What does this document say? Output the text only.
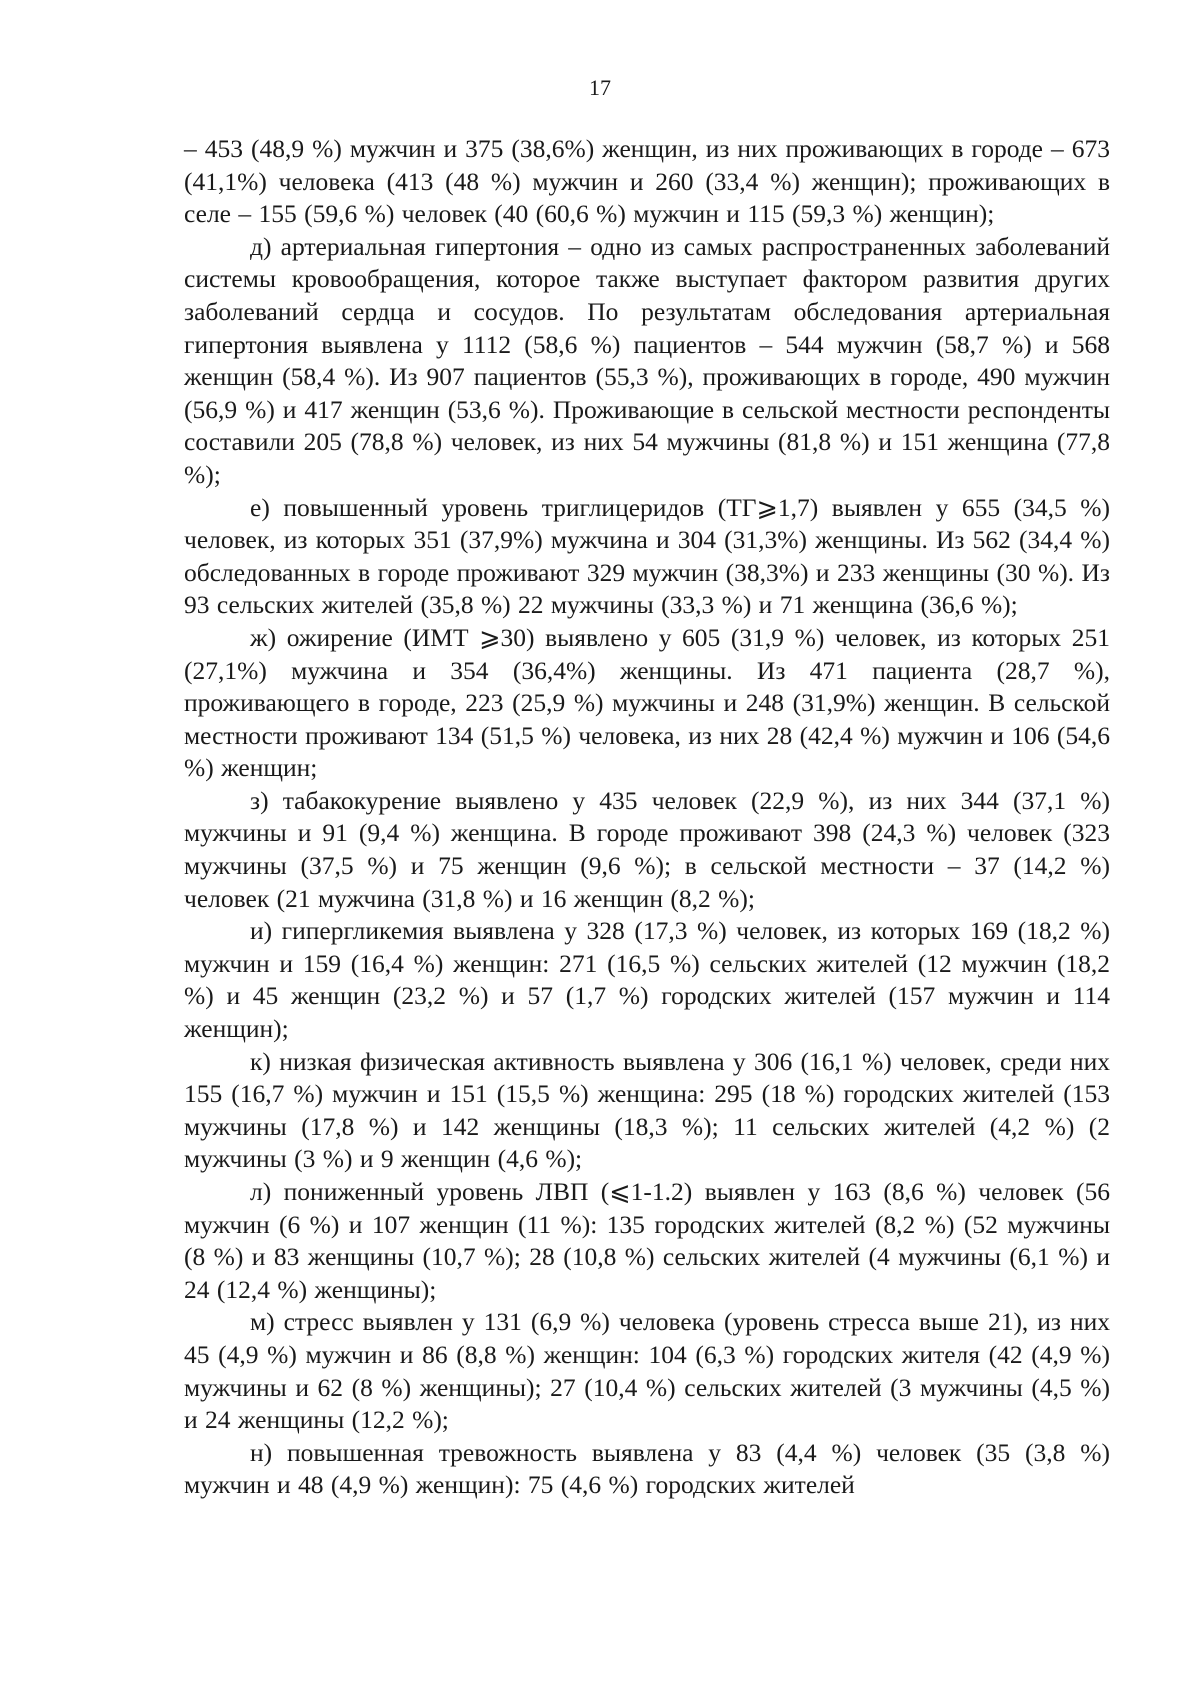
17

– 453 (48,9 %) мужчин и 375 (38,6%) женщин, из них проживающих в городе – 673 (41,1%) человека (413 (48 %) мужчин и 260 (33,4 %) женщин); проживающих в селе – 155 (59,6 %) человек (40 (60,6 %) мужчин и 115 (59,3 %) женщин);

д) артериальная гипертония – одно из самых распространенных заболеваний системы кровообращения, которое также выступает фактором развития других заболеваний сердца и сосудов. По результатам обследования артериальная гипертония выявлена у 1112 (58,6 %) пациентов – 544 мужчин (58,7 %) и 568 женщин (58,4 %). Из 907 пациентов (55,3 %), проживающих в городе, 490 мужчин (56,9 %) и 417 женщин (53,6 %). Проживающие в сельской местности респонденты составили 205 (78,8 %) человек, из них 54 мужчины (81,8 %) и 151 женщина (77,8 %);

е) повышенный уровень триглицеридов (ТГ⩾1,7) выявлен у 655 (34,5 %) человек, из которых 351 (37,9%) мужчина и 304 (31,3%) женщины. Из 562 (34,4 %) обследованных в городе проживают 329 мужчин (38,3%) и 233 женщины (30 %). Из 93 сельских жителей (35,8 %) 22 мужчины (33,3 %) и 71 женщина (36,6 %);

ж) ожирение (ИМТ ⩾30) выявлено у 605 (31,9 %) человек, из которых 251 (27,1%) мужчина и 354 (36,4%) женщины. Из 471 пациента (28,7 %), проживающего в городе, 223 (25,9 %) мужчины и 248 (31,9%) женщин. В сельской местности проживают 134 (51,5 %) человека, из них 28 (42,4 %) мужчин и 106 (54,6 %) женщин;

з) табакокурение выявлено у 435 человек (22,9 %), из них 344 (37,1 %) мужчины и 91 (9,4 %) женщина. В городе проживают 398 (24,3 %) человек (323 мужчины (37,5 %) и 75 женщин (9,6 %); в сельской местности – 37 (14,2 %) человек (21 мужчина (31,8 %) и 16 женщин (8,2 %);

и) гипергликемия выявлена у 328 (17,3 %) человек, из которых 169 (18,2 %) мужчин и 159 (16,4 %) женщин: 271 (16,5 %) сельских жителей (12 мужчин (18,2 %) и 45 женщин (23,2 %) и 57 (1,7 %) городских жителей (157 мужчин и 114 женщин);

к) низкая физическая активность выявлена у 306 (16,1 %) человек, среди них 155 (16,7 %) мужчин и 151 (15,5 %) женщина: 295 (18 %) городских жителей (153 мужчины (17,8 %) и 142 женщины (18,3 %); 11 сельских жителей (4,2 %) (2 мужчины (3 %) и 9 женщин (4,6 %);

л) пониженный уровень ЛВП (⩽1-1.2) выявлен у 163 (8,6 %) человек (56 мужчин (6 %) и 107 женщин (11 %): 135 городских жителей (8,2 %) (52 мужчины (8 %) и 83 женщины (10,7 %); 28 (10,8 %) сельских жителей (4 мужчины (6,1 %) и 24 (12,4 %) женщины);

м) стресс выявлен у 131 (6,9 %) человека (уровень стресса выше 21), из них 45 (4,9 %) мужчин и 86 (8,8 %) женщин: 104 (6,3 %) городских жителя (42 (4,9 %) мужчины и 62 (8 %) женщины); 27 (10,4 %) сельских жителей (3 мужчины (4,5 %) и 24 женщины (12,2 %);

н) повышенная тревожность выявлена у 83 (4,4 %) человек (35 (3,8 %) мужчин и 48 (4,9 %) женщин): 75 (4,6 %) городских жителей
